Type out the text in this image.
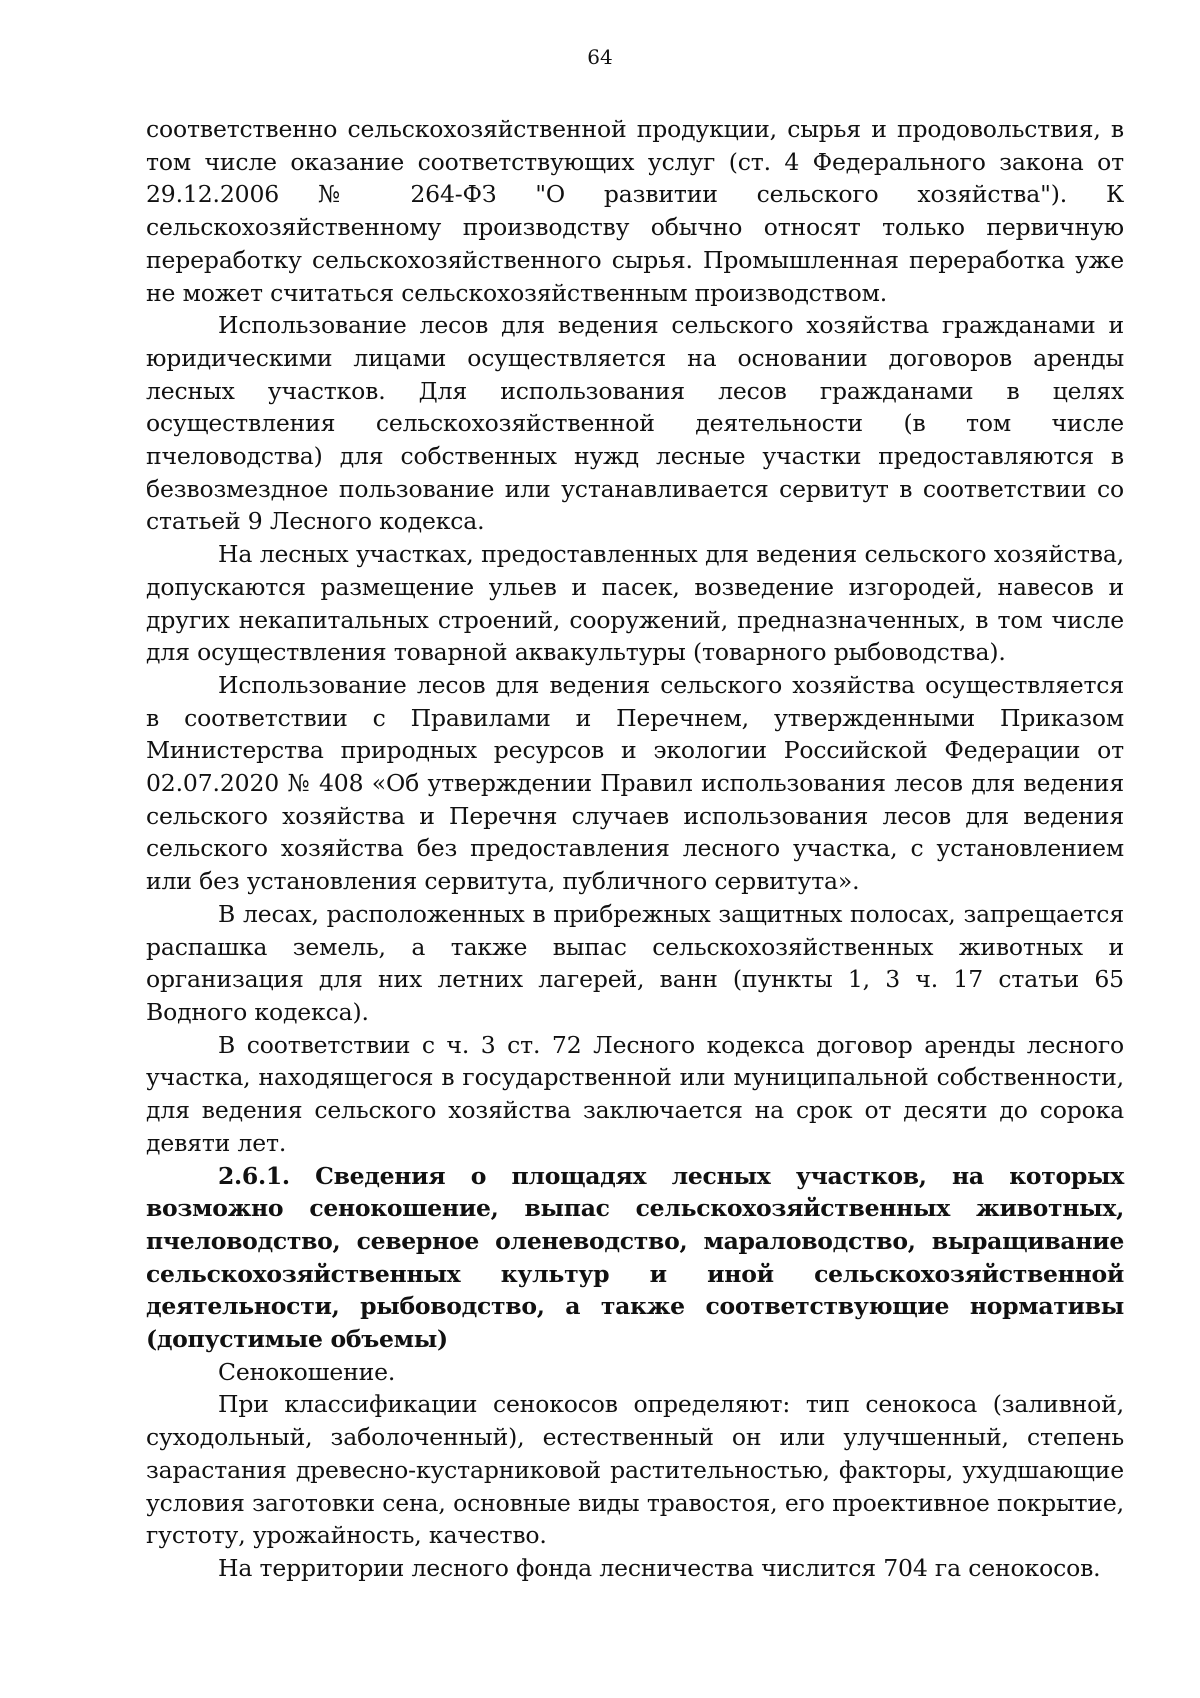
64

соответственно сельскохозяйственной продукции, сырья и продовольствия, в том числе оказание соответствующих услуг (ст. 4 Федерального закона от 29.12.2006 № 264-ФЗ "О развитии сельского хозяйства"). К сельскохозяйственному производству обычно относят только первичную переработку сельскохозяйственного сырья. Промышленная переработка уже не может считаться сельскохозяйственным производством.

Использование лесов для ведения сельского хозяйства гражданами и юридическими лицами осуществляется на основании договоров аренды лесных участков. Для использования лесов гражданами в целях осуществления сельскохозяйственной деятельности (в том числе пчеловодства) для собственных нужд лесные участки предоставляются в безвозмездное пользование или устанавливается сервитут в соответствии со статьей 9 Лесного кодекса.

На лесных участках, предоставленных для ведения сельского хозяйства, допускаются размещение ульев и пасек, возведение изгородей, навесов и других некапитальных строений, сооружений, предназначенных, в том числе для осуществления товарной аквакультуры (товарного рыбоводства).

Использование лесов для ведения сельского хозяйства осуществляется в соответствии с Правилами и Перечнем, утвержденными Приказом Министерства природных ресурсов и экологии Российской Федерации от 02.07.2020 № 408 «Об утверждении Правил использования лесов для ведения сельского хозяйства и Перечня случаев использования лесов для ведения сельского хозяйства без предоставления лесного участка, с установлением или без установления сервитута, публичного сервитута».

В лесах, расположенных в прибрежных защитных полосах, запрещается распашка земель, а также выпас сельскохозяйственных животных и организация для них летних лагерей, ванн (пункты 1, 3 ч. 17 статьи 65 Водного кодекса).

В соответствии с ч. 3 ст. 72 Лесного кодекса договор аренды лесного участка, находящегося в государственной или муниципальной собственности, для ведения сельского хозяйства заключается на срок от десяти до сорока девяти лет.

2.6.1. Сведения о площадях лесных участков, на которых возможно сенокошение, выпас сельскохозяйственных животных, пчеловодство, северное оленеводство, мараловодство, выращивание сельскохозяйственных культур и иной сельскохозяйственной деятельности, рыбоводство, а также соответствующие нормативы (допустимые объемы)

Сенокошение.

При классификации сенокосов определяют: тип сенокоса (заливной, суходольный, заболоченный), естественный он или улучшенный, степень зарастания древесно-кустарниковой растительностью, факторы, ухудшающие условия заготовки сена, основные виды травостоя, его проективное покрытие, густоту, урожайность, качество.

На территории лесного фонда лесничества числится 704 га сенокосов.
